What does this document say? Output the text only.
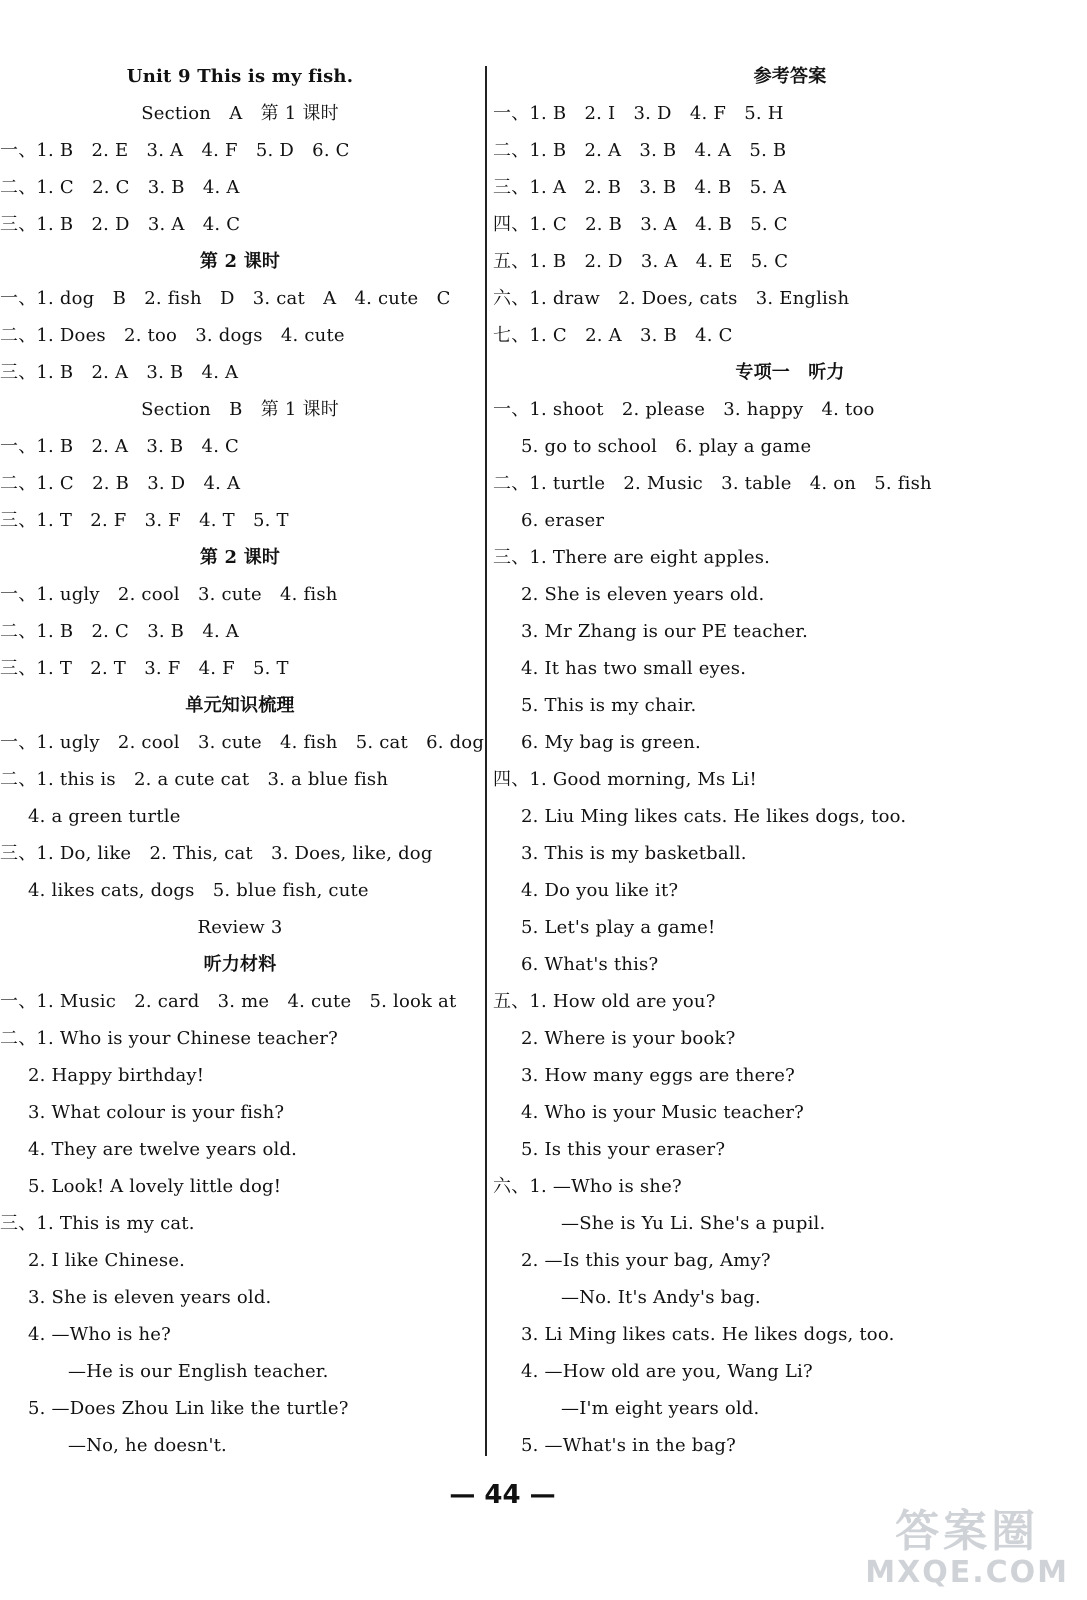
Unit 9 This is my fish.
Section　A　第 1 课时
一、1. B　2. E　3. A　4. F　5. D　6. C
二、1. C　2. C　3. B　4. A
三、1. B　2. D　3. A　4. C
第 2 课时
一、1. dog　B　2. fish　D　3. cat　A　4. cute　C
二、1. Does　2. too　3. dogs　4. cute
三、1. B　2. A　3. B　4. A
Section　B　第 1 课时
一、1. B　2. A　3. B　4. C
二、1. C　2. B　3. D　4. A
三、1. T　2. F　3. F　4. T　5. T
第 2 课时
一、1. ugly　2. cool　3. cute　4. fish
二、1. B　2. C　3. B　4. A
三、1. T　2. T　3. F　4. F　5. T
单元知识梳理
一、1. ugly　2. cool　3. cute　4. fish　5. cat　6. dog
二、1. this is　2. a cute cat　3. a blue fish
4. a green turtle
三、1. Do, like　2. This, cat　3. Does, like, dog
4. likes cats, dogs　5. blue fish, cute
Review 3
听力材料
一、1. Music　2. card　3. me　4. cute　5. look at
二、1. Who is your Chinese teacher?
2. Happy birthday!
3. What colour is your fish?
4. They are twelve years old.
5. Look! A lovely little dog!
三、1. This is my cat.
2. I like Chinese.
3. She is eleven years old.
4. —Who is he?
—He is our English teacher.
5. —Does Zhou Lin like the turtle?
—No, he doesn't.
参考答案
一、1. B　2. I　3. D　4. F　5. H
二、1. B　2. A　3. B　4. A　5. B
三、1. A　2. B　3. B　4. B　5. A
四、1. C　2. B　3. A　4. B　5. C
五、1. B　2. D　3. A　4. E　5. C
六、1. draw　2. Does, cats　3. English
七、1. C　2. A　3. B　4. C
专项一　听力
一、1. shoot　2. please　3. happy　4. too
5. go to school　6. play a game
二、1. turtle　2. Music　3. table　4. on　5. fish
6. eraser
三、1. There are eight apples.
2. She is eleven years old.
3. Mr Zhang is our PE teacher.
4. It has two small eyes.
5. This is my chair.
6. My bag is green.
四、1. Good morning, Ms Li!
2. Liu Ming likes cats. He likes dogs, too.
3. This is my basketball.
4. Do you like it?
5. Let's play a game!
6. What's this?
五、1. How old are you?
2. Where is your book?
3. How many eggs are there?
4. Who is your Music teacher?
5. Is this your eraser?
六、1. —Who is she?
—She is Yu Li. She's a pupil.
2. —Is this your bag, Amy?
—No. It's Andy's bag.
3. Li Ming likes cats. He likes dogs, too.
4. —How old are you, Wang Li?
—I'm eight years old.
5. —What's in the bag?
— 44 —
答案圈
MXQE.COM
